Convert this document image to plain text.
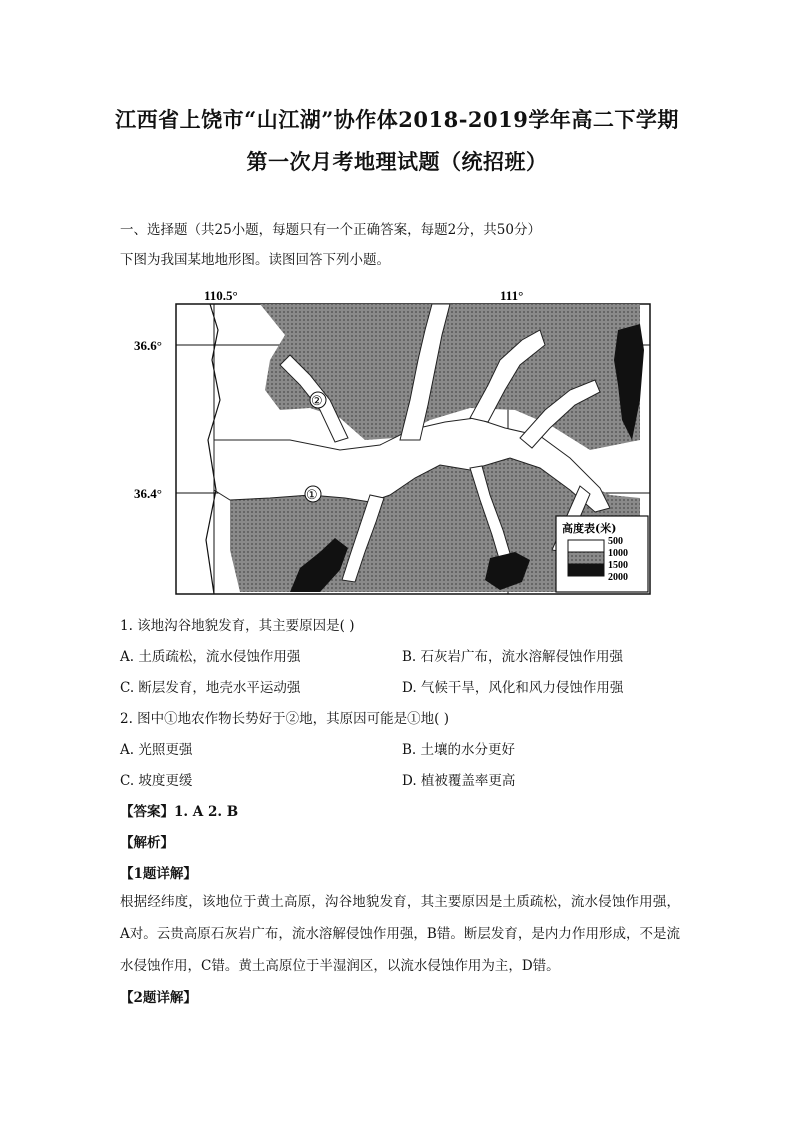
江西省上饶市“山江湖”协作体2018-2019学年高二下学期
第一次月考地理试题（统招班）
一、选择题（共25小题，每题只有一个正确答案，每题2分，共50分）
下图为我国某地地形图。读图回答下列小题。
110.5°	111°
36.6°
36.4°
②
①
高度表(米)
500
1000
1500
2000
1. 该地沟谷地貌发育，其主要原因是( )
A. 土质疏松，流水侵蚀作用强	B. 石灰岩广布，流水溶解侵蚀作用强
C. 断层发育，地壳水平运动强	D. 气候干旱，风化和风力侵蚀作用强
2. 图中①地农作物长势好于②地，其原因可能是①地( )
A. 光照更强	B. 土壤的水分更好
C. 坡度更缓	D. 植被覆盖率更高
【答案】1. A 2. B
【解析】
【1题详解】
根据经纬度，该地位于黄土高原，沟谷地貌发育，其主要原因是土质疏松，流水侵蚀作用强，A对。云贵高原石灰岩广布，流水溶解侵蚀作用强，B错。断层发育，是内力作用形成，不是流水侵蚀作用，C错。黄土高原位于半湿润区，以流水侵蚀作用为主，D错。
【2题详解】
